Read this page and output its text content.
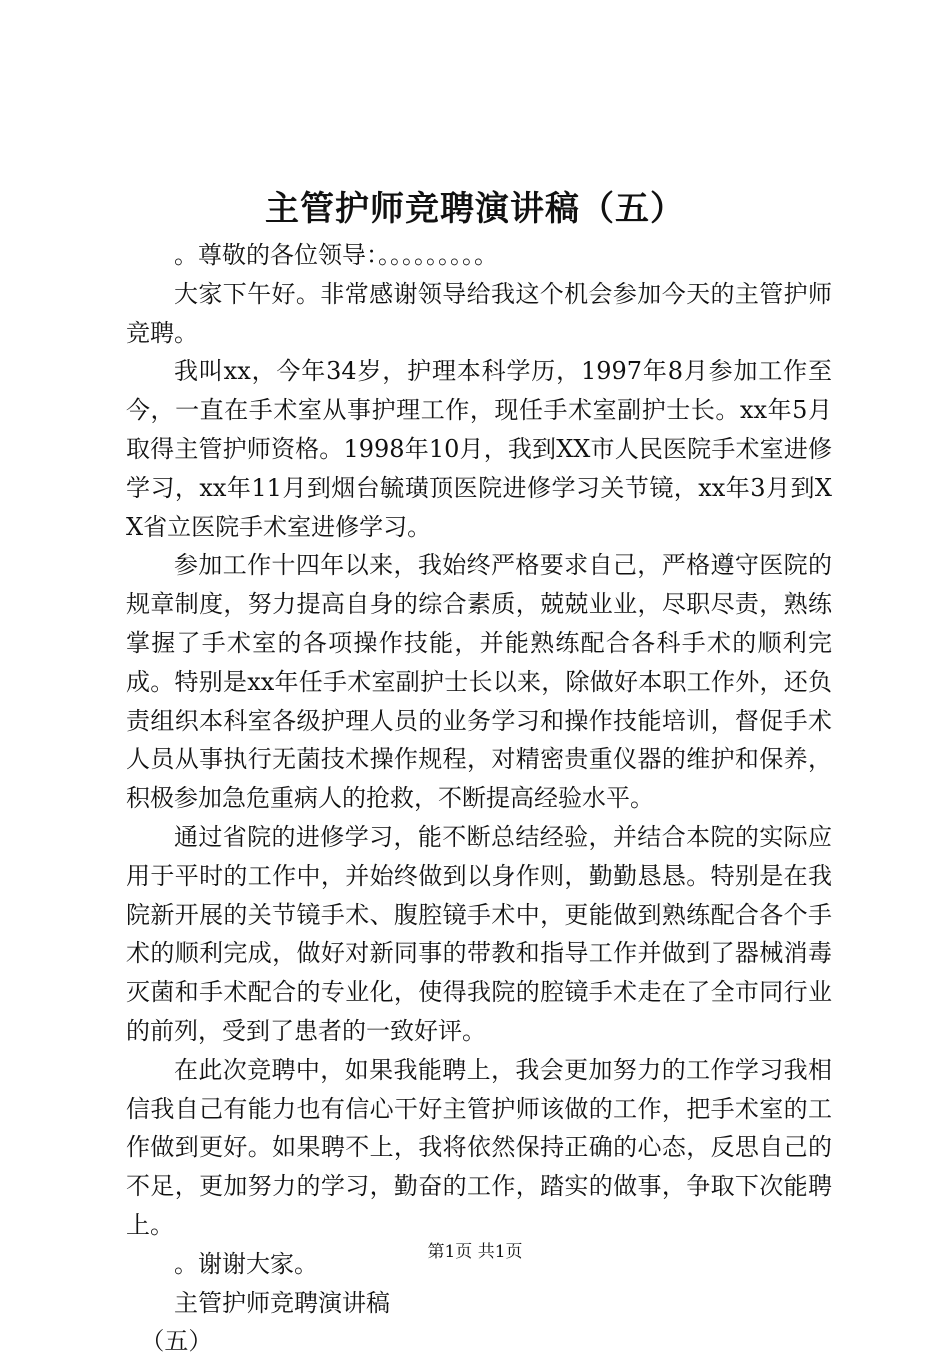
主管护师竞聘演讲稿（五）

。尊敬的各位领导：。。。。。。。。。

大家下午好。非常感谢领导给我这个机会参加今天的主管护师竞聘。

我叫xx，今年34岁，护理本科学历，1997年8月参加工作至今，一直在手术室从事护理工作，现任手术室副护士长。xx年5月取得主管护师资格。1998年10月，我到XX市人民医院手术室进修学习，xx年11月到烟台毓璜顶医院进修学习关节镜，xx年3月到XX省立医院手术室进修学习。

参加工作十四年以来，我始终严格要求自己，严格遵守医院的规章制度，努力提高自身的综合素质，兢兢业业，尽职尽责，熟练掌握了手术室的各项操作技能，并能熟练配合各科手术的顺利完成。特别是xx年任手术室副护士长以来，除做好本职工作外，还负责组织本科室各级护理人员的业务学习和操作技能培训，督促手术人员从事执行无菌技术操作规程，对精密贵重仪器的维护和保养，积极参加急危重病人的抢救，不断提高经验水平。

通过省院的进修学习，能不断总结经验，并结合本院的实际应用于平时的工作中，并始终做到以身作则，勤勤恳恳。特别是在我院新开展的关节镜手术、腹腔镜手术中，更能做到熟练配合各个手术的顺利完成，做好对新同事的带教和指导工作并做到了器械消毒灭菌和手术配合的专业化，使得我院的腔镜手术走在了全市同行业的前列，受到了患者的一致好评。

在此次竞聘中，如果我能聘上，我会更加努力的工作学习我相信我自己有能力也有信心干好主管护师该做的工作，把手术室的工作做到更好。如果聘不上，我将依然保持正确的心态，反思自己的不足，更加努力的学习，勤奋的工作，踏实的做事，争取下次能聘上。

。谢谢大家。

主管护师竞聘演讲稿

（五）

第1页 共1页
